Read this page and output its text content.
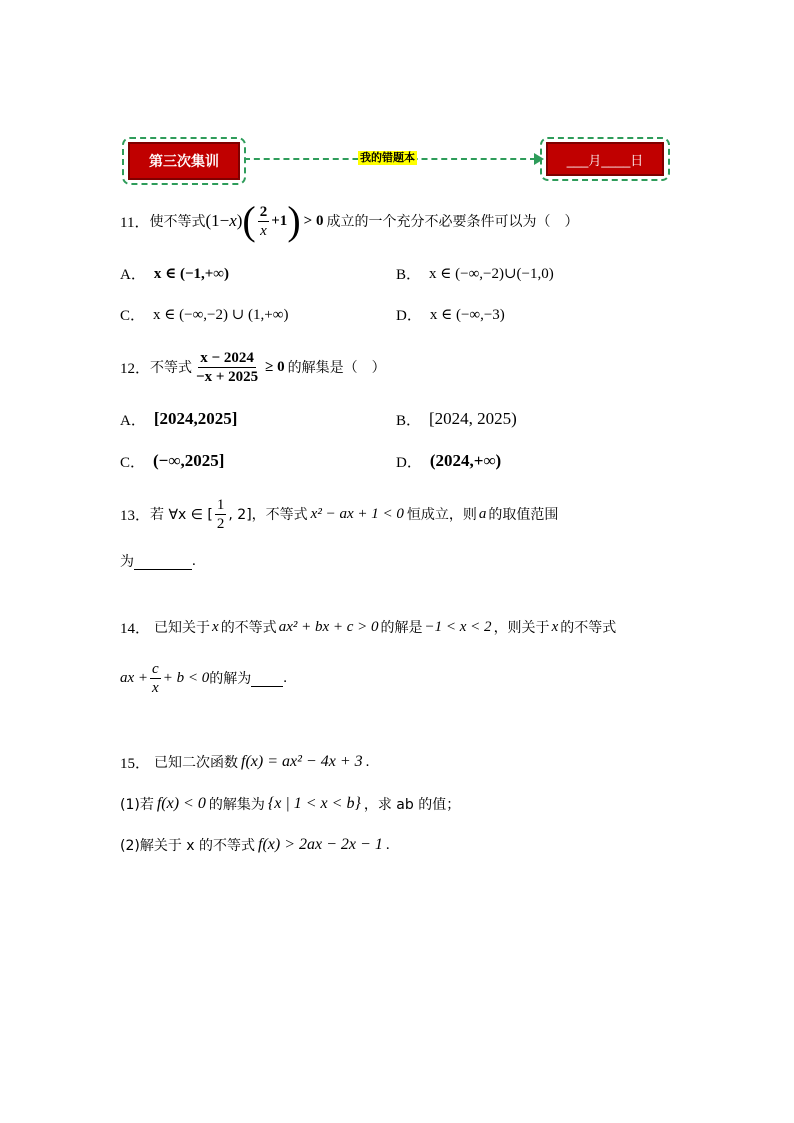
第三次集训	我的错题本	___月____日
11． 使不等式 (1− x ) ( $\frac{2}{x} +1$ ) > 0 成立的一个充分不必要条件可以为（　）
A． x ∈ (−1,+∞)	B． x ∈ (−∞,−2)∪(−1,0)
C． x ∈ (−∞,−2) ∪ (1,+∞)	D． x ∈ (−∞,−3)
12． 不等式 $\frac{x - 2024}{-x + 2025} \ge 0$ 的解集是（　）
A． [2024,2025]	B． [2024, 2025)
C． (−∞,2025]	D． (2024,+∞)
13． 若 ∀x ∈ [ $\frac{1}{2}$ , 2]，不等式 x² − ax + 1 < 0 恒成立，则 a 的取值范围
为	.
14． 已知关于 x 的不等式 ax² + bx + c > 0 的解是 −1 < x < 2 ，则关于 x 的不等式
ax + $\frac{c}{x} + b < 0$ 的解为 .
15． 已知二次函数 f(x) = ax² − 4x + 3 .
(1)若 f(x) < 0 的解集为 {x | 1 < x < b} ，求 ab 的值；
(2)解关于 x 的不等式 f(x) > 2ax − 2x − 1 .
